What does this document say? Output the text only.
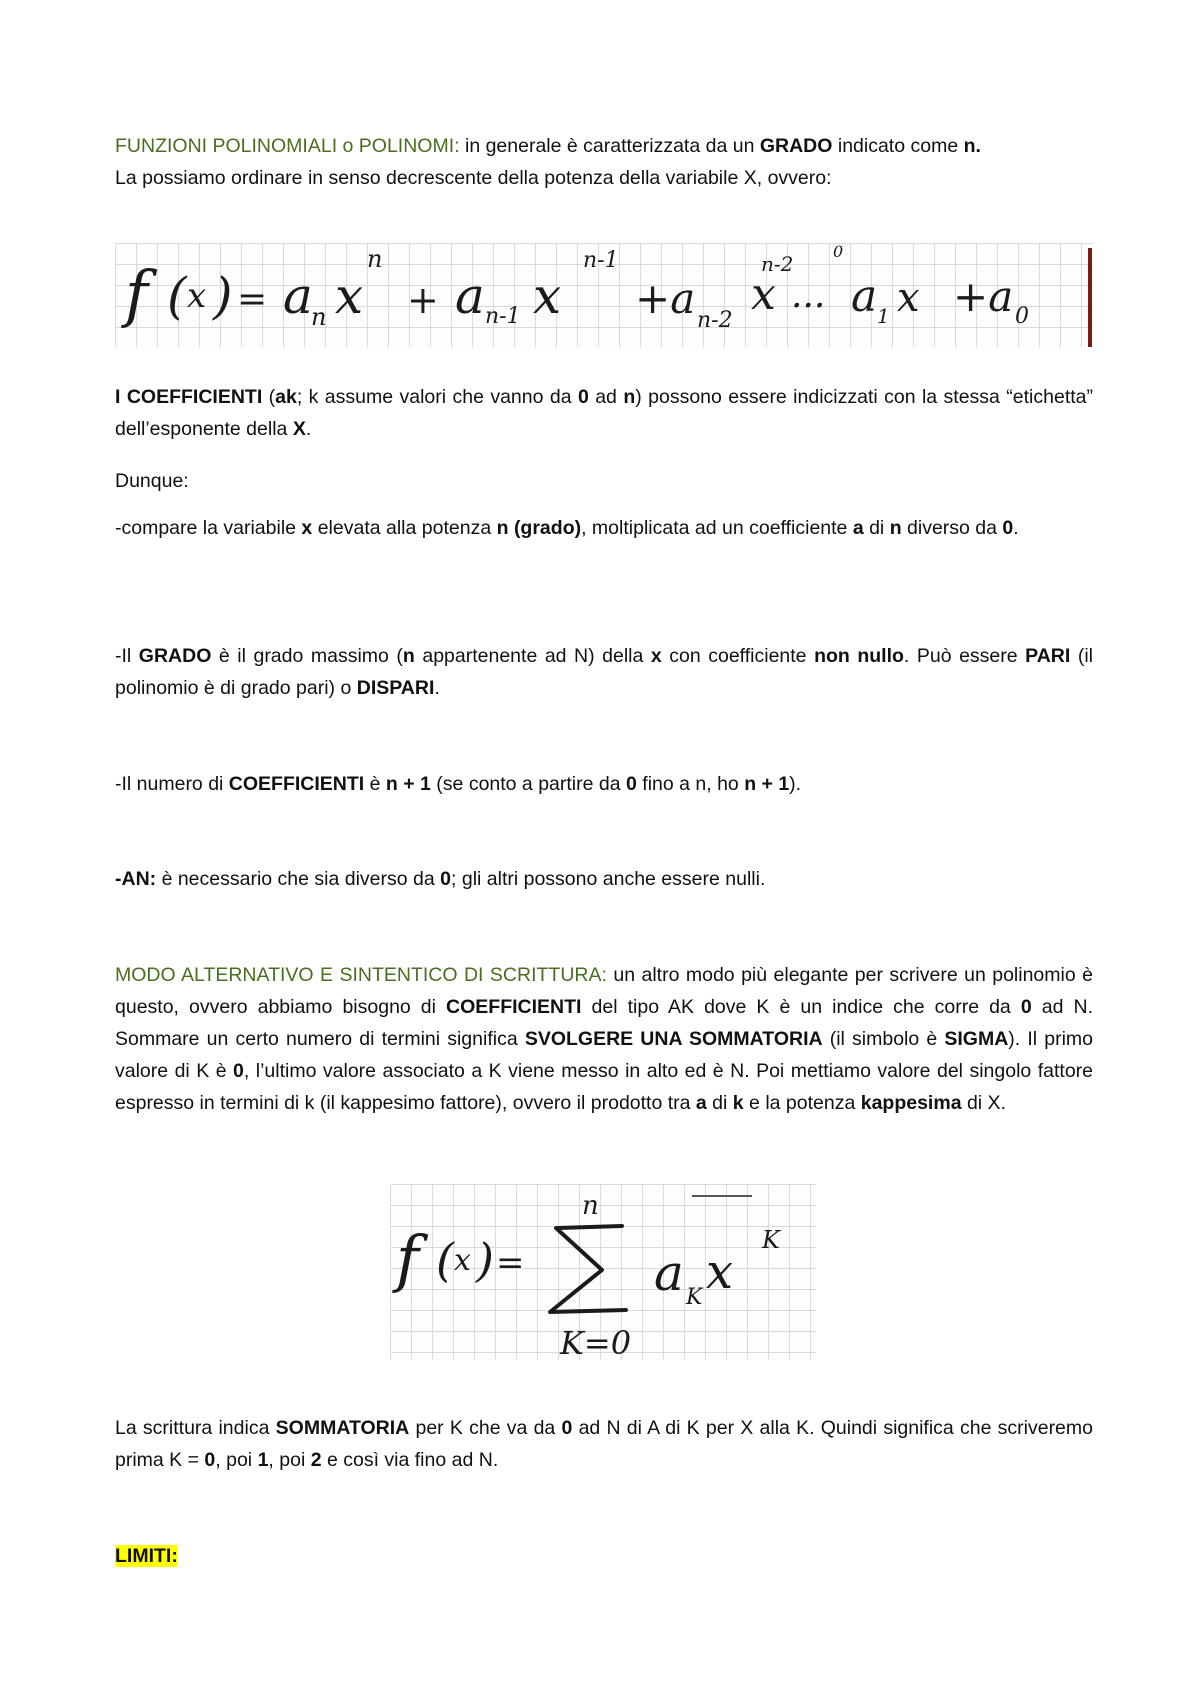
FUNZIONI POLINOMIALI o POLINOMI: in generale è caratterizzata da un GRADO indicato come n.
La possiamo ordinare in senso decrescente della potenza della variabile X, ovvero:

f ( x ) = a
n x
n
+ a n-1 x
n-1
+a n-2
x
n-2
0
... a 1 x +a 0

I COEFFICIENTI (ak; k assume valori che vanno da 0 ad n) possono essere indicizzati con la stessa “etichetta” dell’esponente della X.

Dunque:

-compare la variabile x elevata alla potenza n (grado), moltiplicata ad un coefficiente a di n diverso da 0.

-Il GRADO è il grado massimo (n appartenente ad N) della x con coefficiente non nullo. Può essere PARI (il polinomio è di grado pari) o DISPARI.

-Il numero di COEFFICIENTI è n + 1 (se conto a partire da 0 fino a n, ho n + 1).

-AN: è necessario che sia diverso da 0; gli altri possono anche essere nulli.

MODO ALTERNATIVO E SINTENTICO DI SCRITTURA: un altro modo più elegante per scrivere un polinomio è questo, ovvero abbiamo bisogno di COEFFICIENTI del tipo AK dove K è un indice che corre da 0 ad N. Sommare un certo numero di termini significa SVOLGERE UNA SOMMATORIA (il simbolo è SIGMA). Il primo valore di K è 0, l’ultimo valore associato a K viene messo in alto ed è N. Poi mettiamo valore del singolo fattore espresso in termini di k (il kappesimo fattore), ovvero il prodotto tra a di k e la potenza kappesima di X.

f ( x ) =
n
K=0
a K x
K

La scrittura indica SOMMATORIA per K che va da 0 ad N di A di K per X alla K. Quindi significa che scriveremo prima K = 0, poi 1, poi 2 e così via fino ad N.

LIMITI:
